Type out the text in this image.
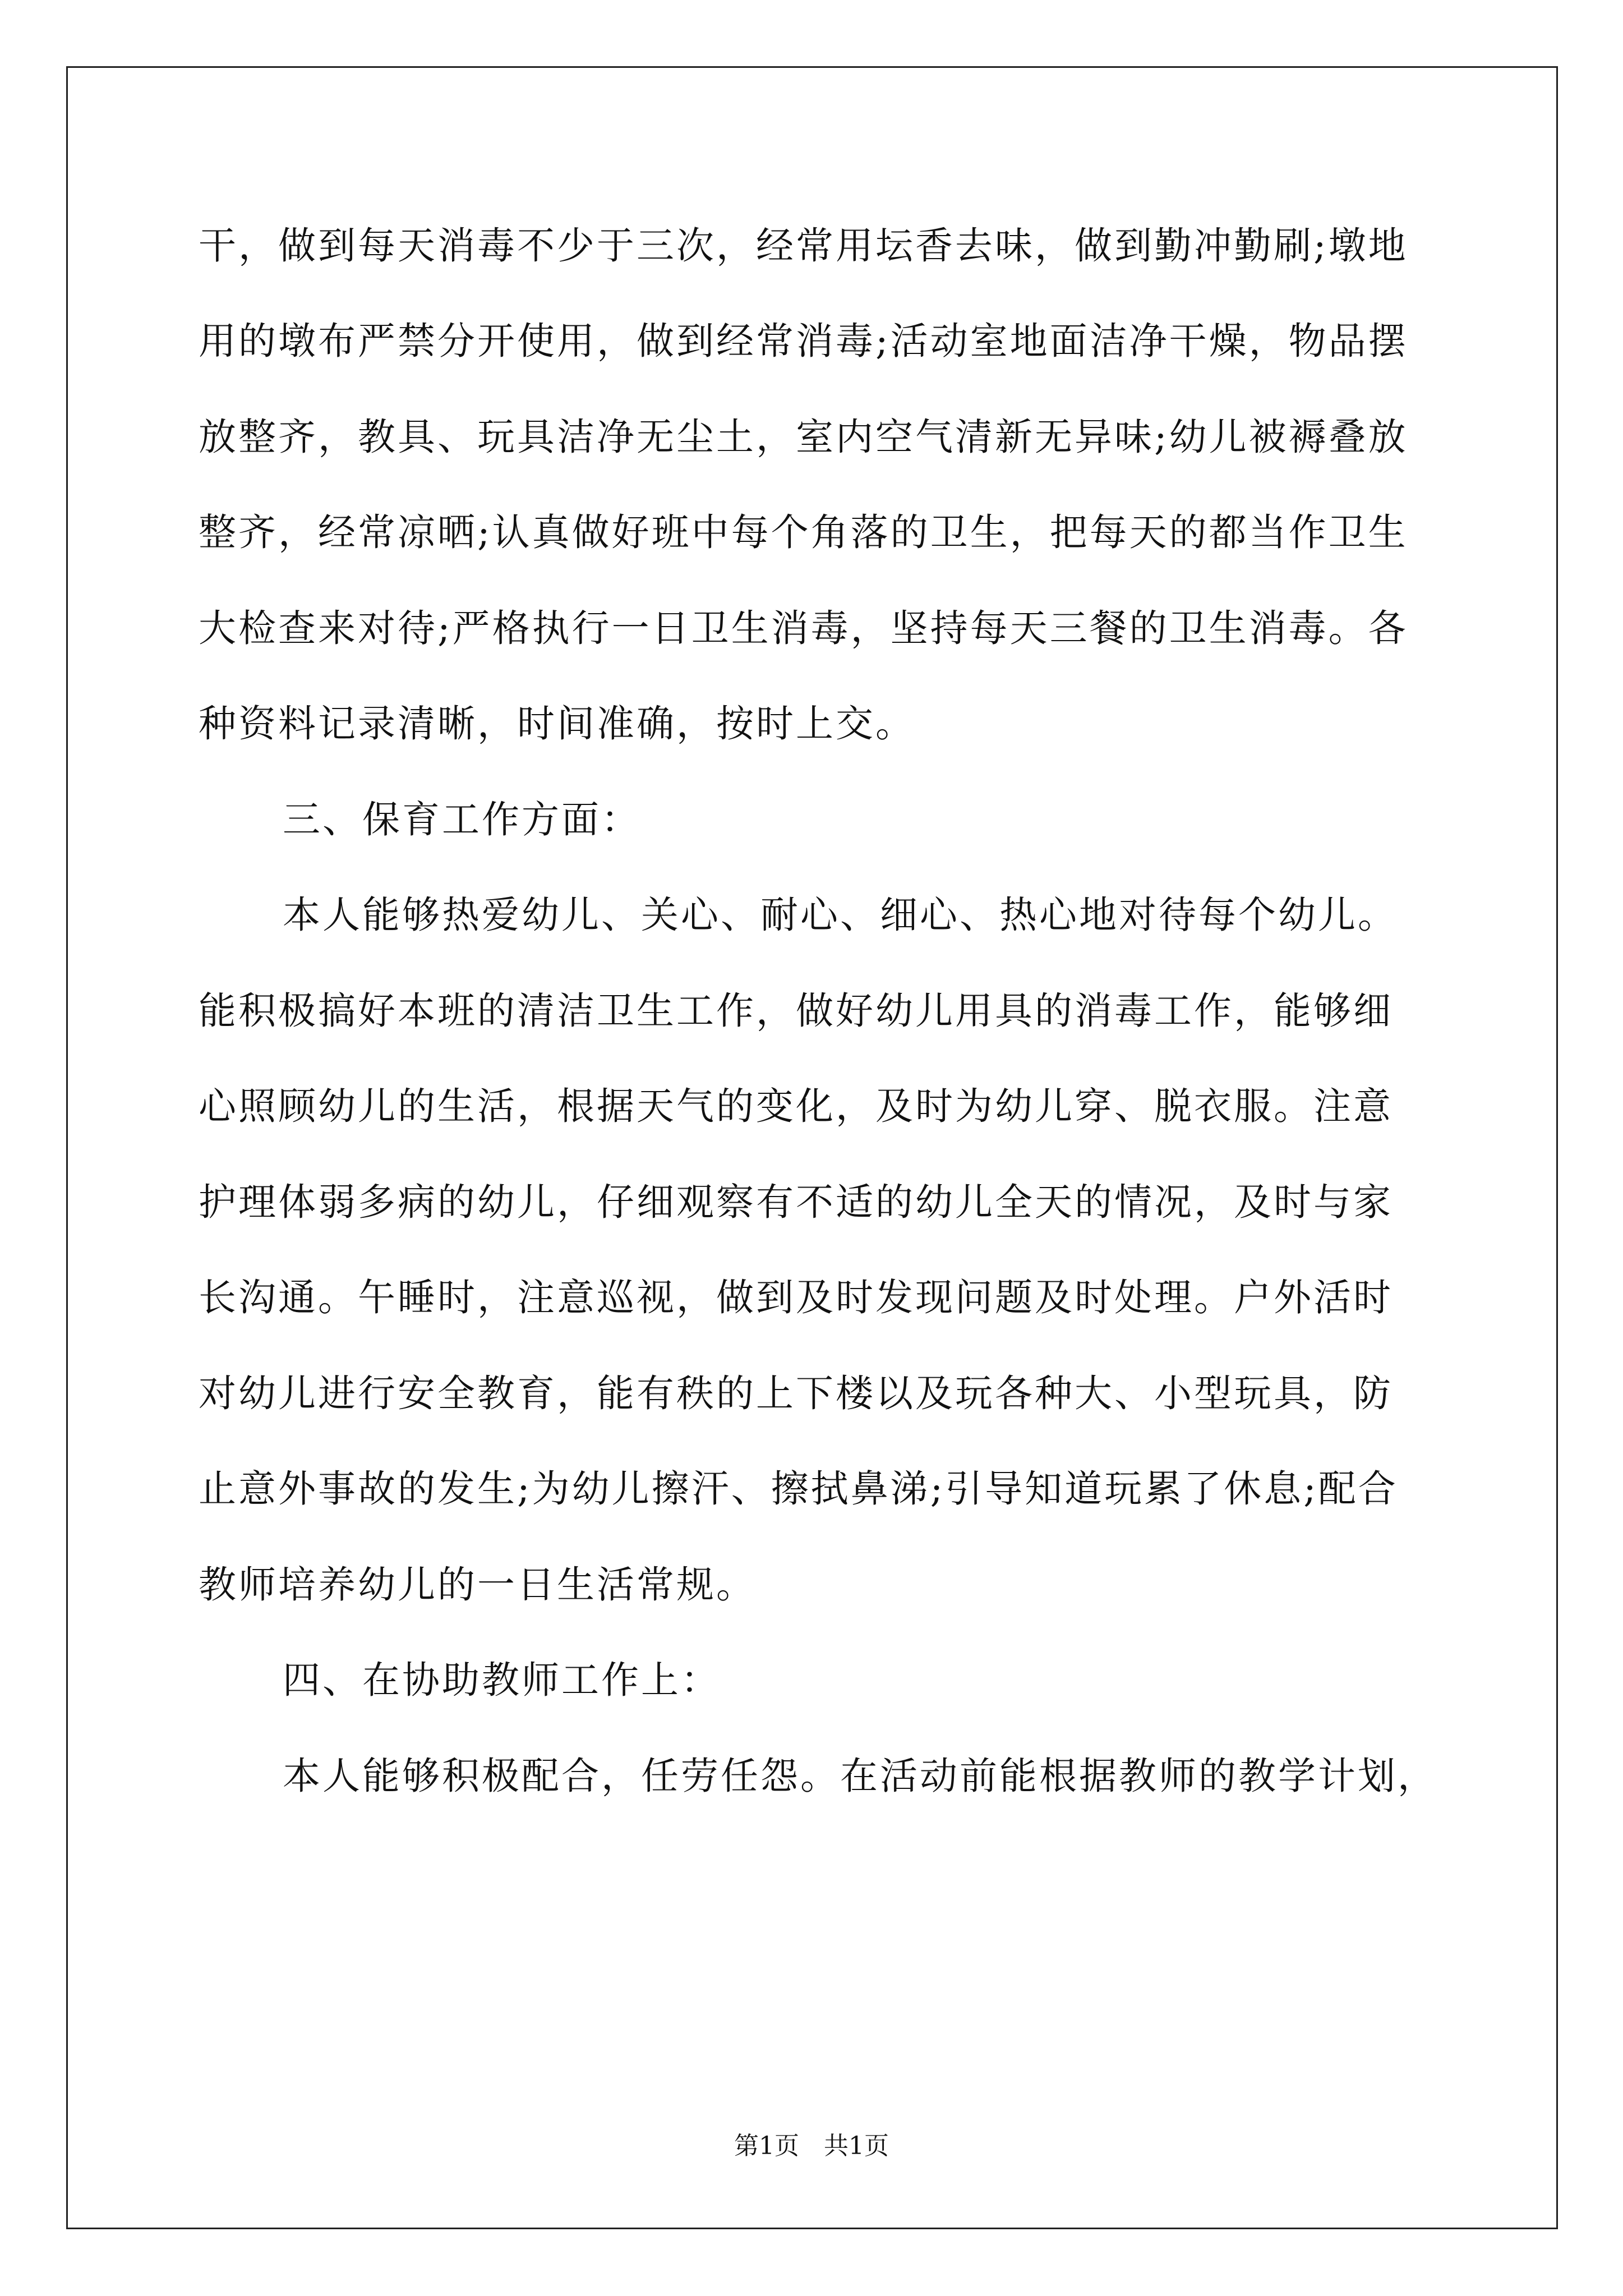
干，做到每天消毒不少于三次，经常用坛香去味，做到勤冲勤刷;墩地
用的墩布严禁分开使用，做到经常消毒;活动室地面洁净干燥，物品摆
放整齐，教具、玩具洁净无尘土，室内空气清新无异味;幼儿被褥叠放
整齐，经常凉晒;认真做好班中每个角落的卫生，把每天的都当作卫生
大检查来对待;严格执行一日卫生消毒，坚持每天三餐的卫生消毒。各
种资料记录清晰，时间准确，按时上交。
三、保育工作方面：
本人能够热爱幼儿、关心、耐心、细心、热心地对待每个幼儿。
能积极搞好本班的清洁卫生工作，做好幼儿用具的消毒工作，能够细
心照顾幼儿的生活，根据天气的变化，及时为幼儿穿、脱衣服。注意
护理体弱多病的幼儿，仔细观察有不适的幼儿全天的情况，及时与家
长沟通。午睡时，注意巡视，做到及时发现问题及时处理。户外活时
对幼儿进行安全教育，能有秩的上下楼以及玩各种大、小型玩具，防
止意外事故的发生;为幼儿擦汗、擦拭鼻涕;引导知道玩累了休息;配合
教师培养幼儿的一日生活常规。
四、在协助教师工作上：
本人能够积极配合，任劳任怨。在活动前能根据教师的教学计划，
第1页　共1页
